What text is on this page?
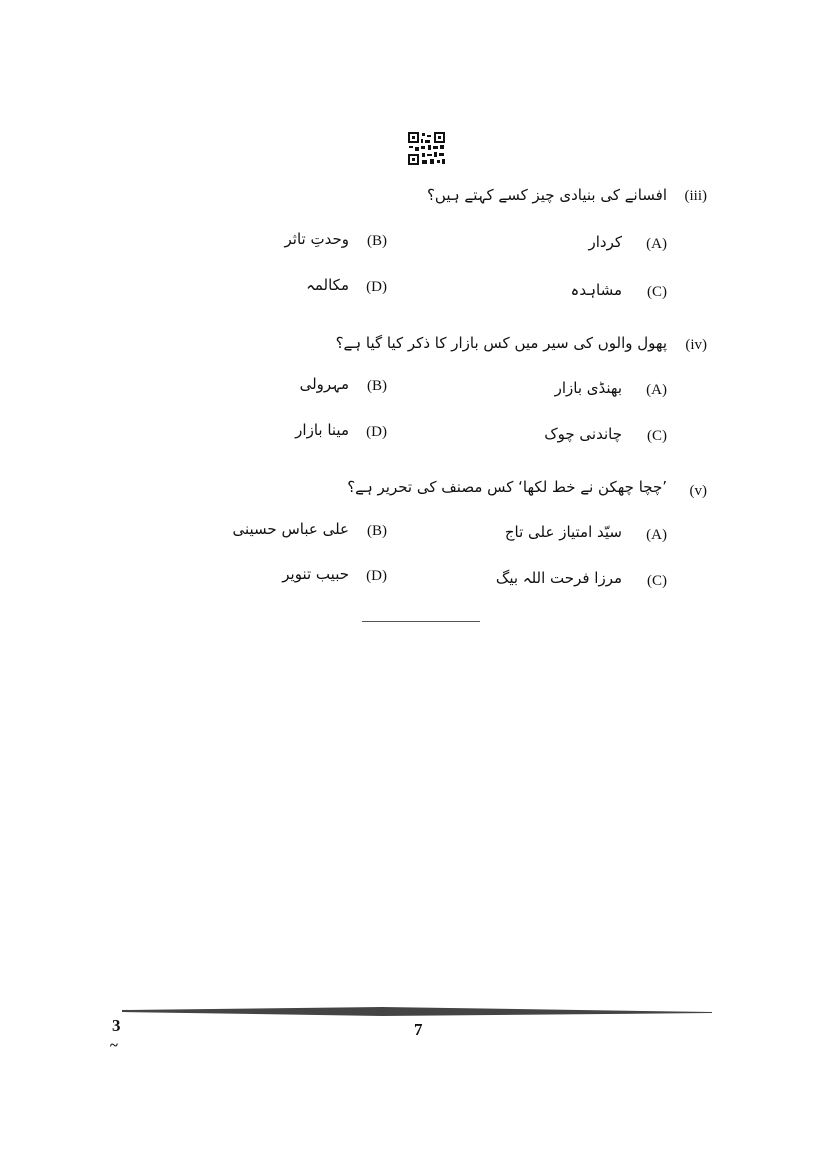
(iii)
افسانے کی بنیادی چیز کسے کہتے ہیں؟
(A)
کردار
(B)
وحدتِ تاثر
(C)
مشاہدہ
(D)
مکالمہ
(iv)
پھول والوں کی سیر میں کس بازار کا ذکر کیا گیا ہے؟
(A)
بھنڈی بازار
(B)
مہرولی
(C)
چاندنی چوک
(D)
مینا بازار
(v)
’چچا چھکن نے خط لکھا‘ کس مصنف کی تحریر ہے؟
(A)
سیّد امتیاز علی تاج
(B)
علی عباس حسینی
(C)
مرزا فرحت اللہ بیگ
(D)
حبیب تنویر
3
~
7
